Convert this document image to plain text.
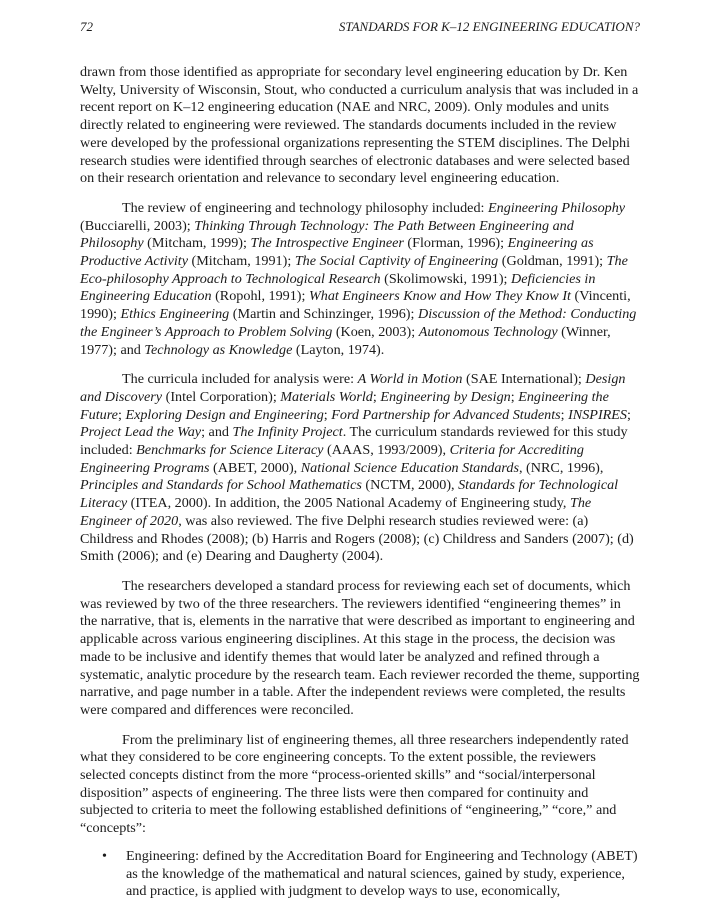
72	STANDARDS FOR K–12 ENGINEERING EDUCATION?

drawn from those identified as appropriate for secondary level engineering education by Dr. Ken Welty, University of Wisconsin, Stout, who conducted a curriculum analysis that was included in a recent report on K–12 engineering education (NAE and NRC, 2009). Only modules and units directly related to engineering were reviewed. The standards documents included in the review were developed by the professional organizations representing the STEM disciplines. The Delphi research studies were identified through searches of electronic databases and were selected based on their research orientation and relevance to secondary level engineering education.

The review of engineering and technology philosophy included: Engineering Philosophy (Bucciarelli, 2003); Thinking Through Technology: The Path Between Engineering and Philosophy (Mitcham, 1999); The Introspective Engineer (Florman, 1996); Engineering as Productive Activity (Mitcham, 1991); The Social Captivity of Engineering (Goldman, 1991); The Eco-philosophy Approach to Technological Research (Skolimowski, 1991); Deficiencies in Engineering Education (Ropohl, 1991); What Engineers Know and How They Know It (Vincenti, 1990); Ethics Engineering (Martin and Schinzinger, 1996); Discussion of the Method: Conducting the Engineer’s Approach to Problem Solving (Koen, 2003); Autonomous Technology (Winner, 1977); and Technology as Knowledge (Layton, 1974).

The curricula included for analysis were: A World in Motion (SAE International); Design and Discovery (Intel Corporation); Materials World; Engineering by Design; Engineering the Future; Exploring Design and Engineering; Ford Partnership for Advanced Students; INSPIRES; Project Lead the Way; and The Infinity Project. The curriculum standards reviewed for this study included: Benchmarks for Science Literacy (AAAS, 1993/2009), Criteria for Accrediting Engineering Programs (ABET, 2000), National Science Education Standards, (NRC, 1996), Principles and Standards for School Mathematics (NCTM, 2000), Standards for Technological Literacy (ITEA, 2000). In addition, the 2005 National Academy of Engineering study, The Engineer of 2020, was also reviewed. The five Delphi research studies reviewed were: (a) Childress and Rhodes (2008); (b) Harris and Rogers (2008); (c) Childress and Sanders (2007); (d) Smith (2006); and (e) Dearing and Daugherty (2004).

The researchers developed a standard process for reviewing each set of documents, which was reviewed by two of the three researchers. The reviewers identified “engineering themes” in the narrative, that is, elements in the narrative that were described as important to engineering and applicable across various engineering disciplines. At this stage in the process, the decision was made to be inclusive and identify themes that would later be analyzed and refined through a systematic, analytic procedure by the research team. Each reviewer recorded the theme, supporting narrative, and page number in a table. After the independent reviews were completed, the results were compared and differences were reconciled.

From the preliminary list of engineering themes, all three researchers independently rated what they considered to be core engineering concepts. To the extent possible, the reviewers selected concepts distinct from the more “process-oriented skills” and “social/interpersonal disposition” aspects of engineering. The three lists were then compared for continuity and subjected to criteria to meet the following established definitions of “engineering,” “core,” and “concepts”:

• Engineering: defined by the Accreditation Board for Engineering and Technology (ABET) as the knowledge of the mathematical and natural sciences, gained by study, experience, and practice, is applied with judgment to develop ways to use, economically,
